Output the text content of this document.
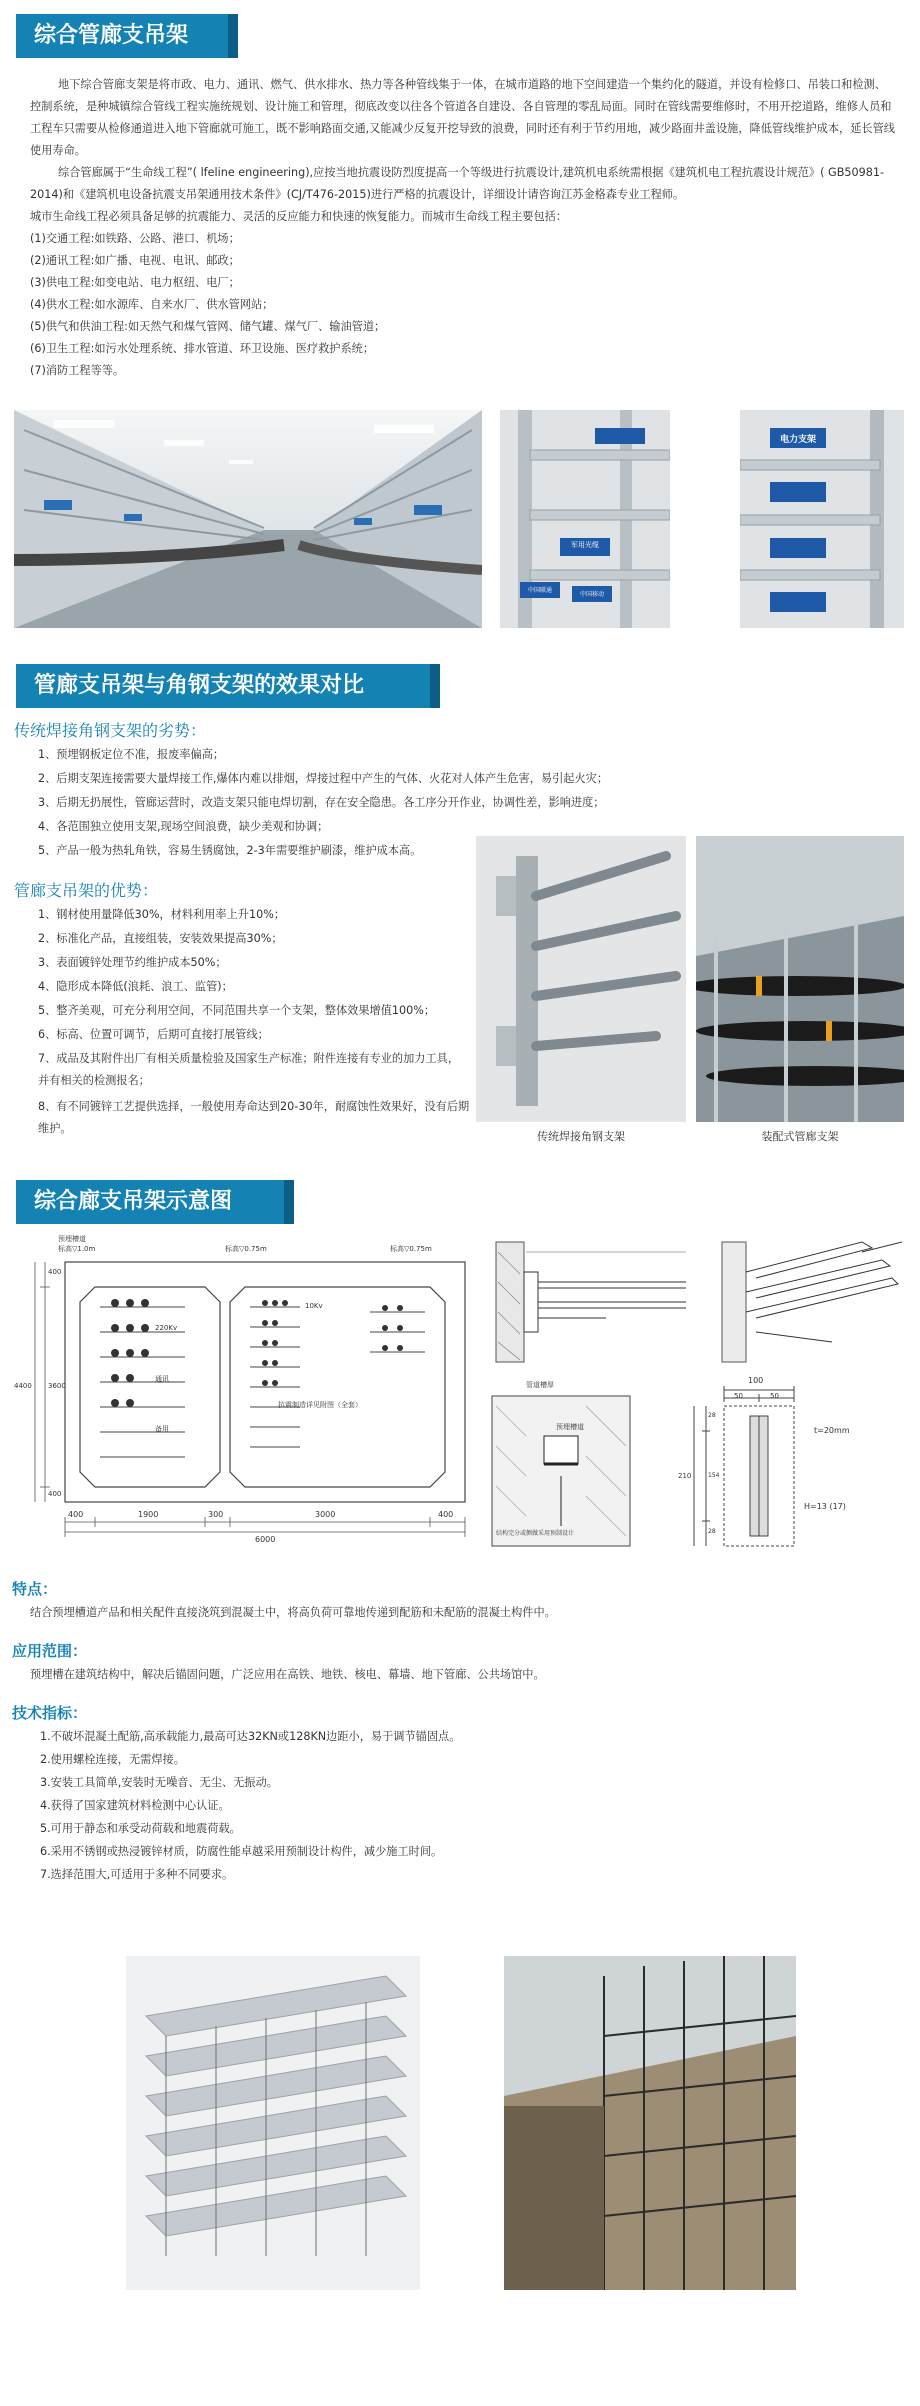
综合管廊支吊架

地下综合管廊支架是将市政、电力、通讯、燃气、供水排水、热力等各种管线集于一体，在城市道路的地下空间建造一个集约化的隧道，并设有检修口、吊装口和检测、控制系统，是种城镇综合管线工程实施统规划、设计施工和管理，彻底改变以往各个管道各自建设、各自管理的零乱局面。同时在管线需要维修时，不用开挖道路，维修人员和工程车只需要从检修通道进入地下管廊就可施工，既不影响路面交通,又能减少反复开挖导致的浪费，同时还有利于节约用地，减少路面井盖设施，降低管线维护成本，延长管线使用寿命。

综合管廊属于“生命线工程”( lfeline engineering),应按当地抗震设防烈度提高一个等级进行抗震设计,建筑机电系统需根据《建筑机电工程抗震设计规范》( GB50981- 2014)和《建筑机电设备抗震支吊架通用技术条件》(CJ/T476-2015)进行严格的抗震设计，详细设计请咨询江苏金格森专业工程师。

城市生命线工程必须具备足够的抗震能力、灵活的反应能力和快速的恢复能力。而城市生命线工程主要包括：

(1)交通工程:如铁路、公路、港口、机场；
(2)通讯工程:如广播、电视、电讯、邮政；
(3)供电工程:如变电站、电力枢纽、电厂；
(4)供水工程:如水源库、自来水厂、供水管网站；
(5)供气和供油工程:如天然气和煤气管网、储气罐、煤气厂、输油管道；
(6)卫生工程:如污水处理系统、排水管道、环卫设施、医疗救护系统；
(7)消防工程等等。
军用光缆
中国联通
中国移动
电力支架
管廊支吊架与角钢支架的效果对比
传统焊接角钢支架的劣势：
1、预埋钢板定位不准，报废率偏高；
2、后期支架连接需要大量焊接工作,爆体内难以排烟，焊接过程中产生的气体、火花对人体产生危害，易引起火灾；
3、后期无扔展性，管廊运营时，改造支架只能电焊切割，存在安全隐患。各工序分开作业，协调性差，影响进度；
4、各范围独立使用支架,现场空间浪费，缺少美观和协调；
5、产品一般为热轧角铁，容易生锈腐蚀，2-3年需要维护刷漆，维护成本高。
管廊支吊架的优势：
1、钢材使用量降低30%，材料利用率上升10%；
2、标准化产品，直接组装，安装效果提高30%；
3、表面镀锌处理节约维护成本50%；
4、隐形成本降低(浪耗、浪工、监管)；
5、整齐美观，可充分利用空间，不同范围共享一个支架，整体效果增值100%；
6、标高、位置可调节，后期可直接打展管线；

7、成品及其附件出厂有相关质量检验及国家生产标准；附件连接有专业的加力工具，并有相关的检测报名；

8、有不同镀锌工艺提供选择，一般使用寿命达到20-30年，耐腐蚀性效果好，没有后期维护。

传统焊接角钢支架	装配式管廊支架
综合廊支吊架示意图
预埋槽道
标高▽1.0m	标高▽0.75m	标高▽0.75m
220Kv
10Kv
通讯
备用
抗震制造详见附图（全套）
400	1900	300	3000	400
6000
400
3600
400
4400	管道槽厚
预埋槽道
结构完分或侧做采用预制设计
100
50	50
210
28
154
28
t=20mm
H=13 (17)
特点：
结合预埋槽道产品和相关配件直接浇筑到混凝土中，将高负荷可靠地传递到配筋和未配筋的混凝土构件中。
应用范围：
预埋槽在建筑结构中，解决后锚固问题，广泛应用在高铁、地铁、核电、幕墙、地下管廊、公共场馆中。
技术指标：
1.不破坏混凝土配筋,高承载能力,最高可达32KN或128KN边距小，易于调节锚固点。
2.使用螺栓连接，无需焊接。
3.安装工具简单,安装时无噪音、无尘、无振动。
4.获得了国家建筑材料检测中心认证。
5.可用于静态和承受动荷载和地震荷载。
6.采用不锈钢或热浸镀锌材质，防腐性能卓越采用预制设计构件，减少施工时间。
7.选择范围大,可适用于多种不同要求。
